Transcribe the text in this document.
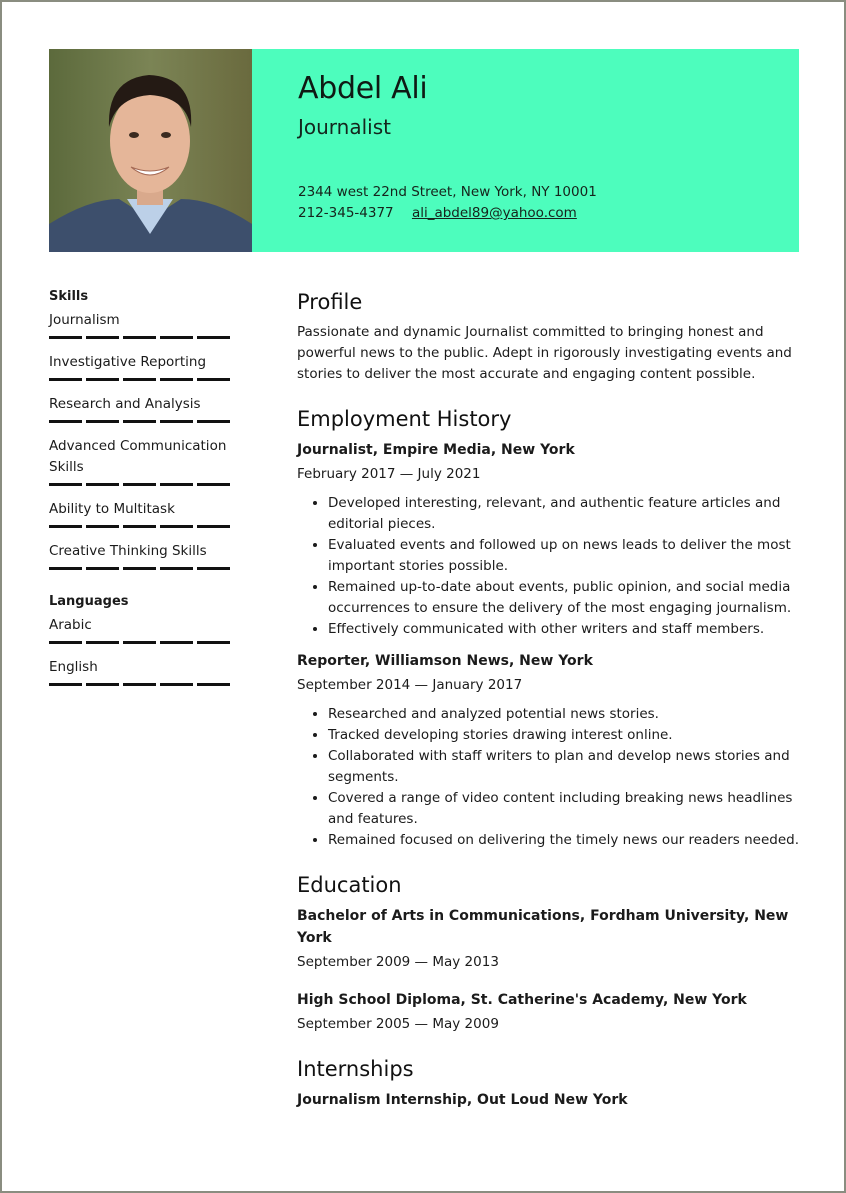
Abdel Ali
Journalist
2344 west 22nd Street, New York, NY 10001
212-345-4377 ali_abdel89@yahoo.com
Skills
Journalism
Investigative Reporting
Research and Analysis
Advanced Communication Skills
Ability to Multitask
Creative Thinking Skills
Languages
Arabic
English
Profile

Passionate and dynamic Journalist committed to bringing honest and powerful news to the public. Adept in rigorously investigating events and stories to deliver the most accurate and engaging content possible.

Employment History
Journalist, Empire Media, New York
February 2017 — July 2021
• Developed interesting, relevant, and authentic feature articles and editorial pieces.
• Evaluated events and followed up on news leads to deliver the most important stories possible.
• Remained up-to-date about events, public opinion, and social media occurrences to ensure the delivery of the most engaging journalism.
• Effectively communicated with other writers and staff members.
Reporter, Williamson News, New York
September 2014 — January 2017
• Researched and analyzed potential news stories.
• Tracked developing stories drawing interest online.
• Collaborated with staff writers to plan and develop news stories and segments.
• Covered a range of video content including breaking news headlines and features.
• Remained focused on delivering the timely news our readers needed.
Education
Bachelor of Arts in Communications, Fordham University, New York
September 2009 — May 2013
High School Diploma, St. Catherine's Academy, New York
September 2005 — May 2009
Internships
Journalism Internship, Out Loud New York
